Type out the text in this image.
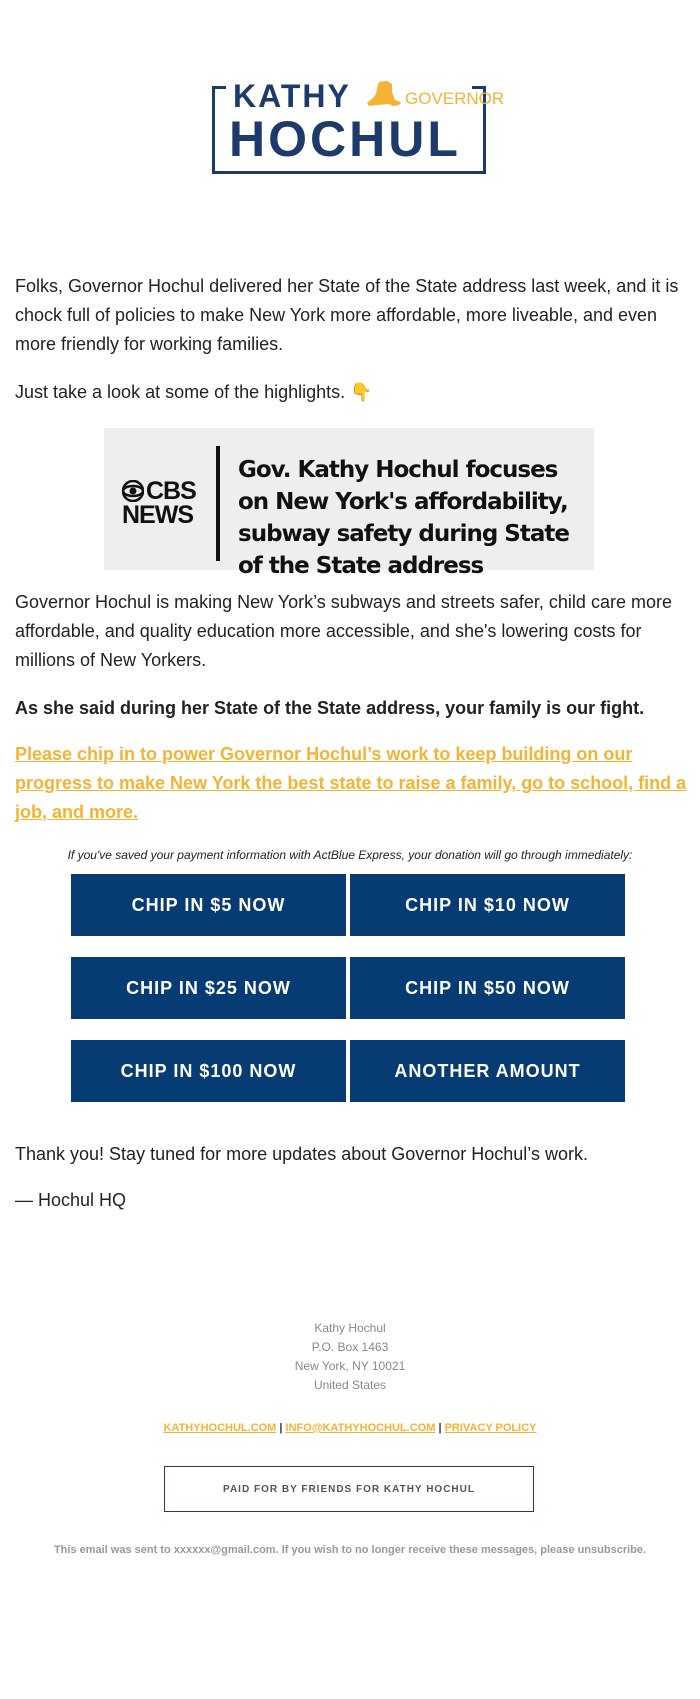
KATHY	GOVERNOR
HOCHUL

Folks, Governor Hochul delivered her State of the State address last week, and it is chock full of policies to make New York more affordable, more liveable, and even more friendly for working families.

Just take a look at some of the highlights. 👇

CBS
NEWS
Gov. Kathy Hochul focuses on New York's affordability, subway safety during State of the State address

Governor Hochul is making New York’s subways and streets safer, child care more affordable, and quality education more accessible, and she's lowering costs for millions of New Yorkers.

As she said during her State of the State address, your family is our fight.

Please chip in to power Governor Hochul’s work to keep building on our progress to make New York the best state to raise a family, go to school, find a job, and more.
If you've saved your payment information with ActBlue Express, your donation will go through immediately:
CHIP IN $5 NOW	CHIP IN $10 NOW
CHIP IN $25 NOW	CHIP IN $50 NOW
CHIP IN $100 NOW	ANOTHER AMOUNT

Thank you! Stay tuned for more updates about Governor Hochul’s work.

— Hochul HQ

Kathy Hochul
P.O. Box 1463
New York, NY 10021
United States
KATHYHOCHUL.COM | INFO@KATHYHOCHUL.COM | PRIVACY POLICY
PAID FOR BY FRIENDS FOR KATHY HOCHUL
This email was sent to xxxxxx@gmail.com. If you wish to no longer receive these messages, please unsubscribe.
